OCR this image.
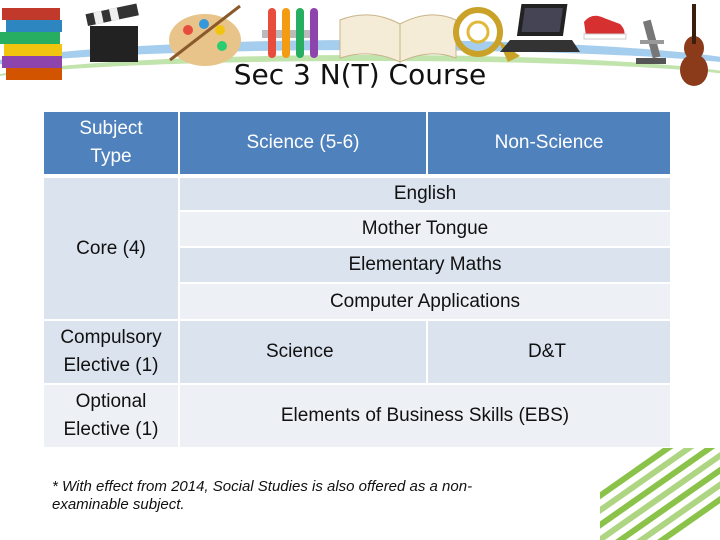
Sec 3 N(T) Course
Subject Type
Science (5-6)	Non-Science
Core (4)
English
Mother Tongue
Elementary Maths
Computer Applications
Compulsory Elective (1)
Science	D&T
Optional Elective (1)
Elements of Business Skills (EBS)
* With effect from 2014, Social Studies is also offered as a non-examinable subject.
